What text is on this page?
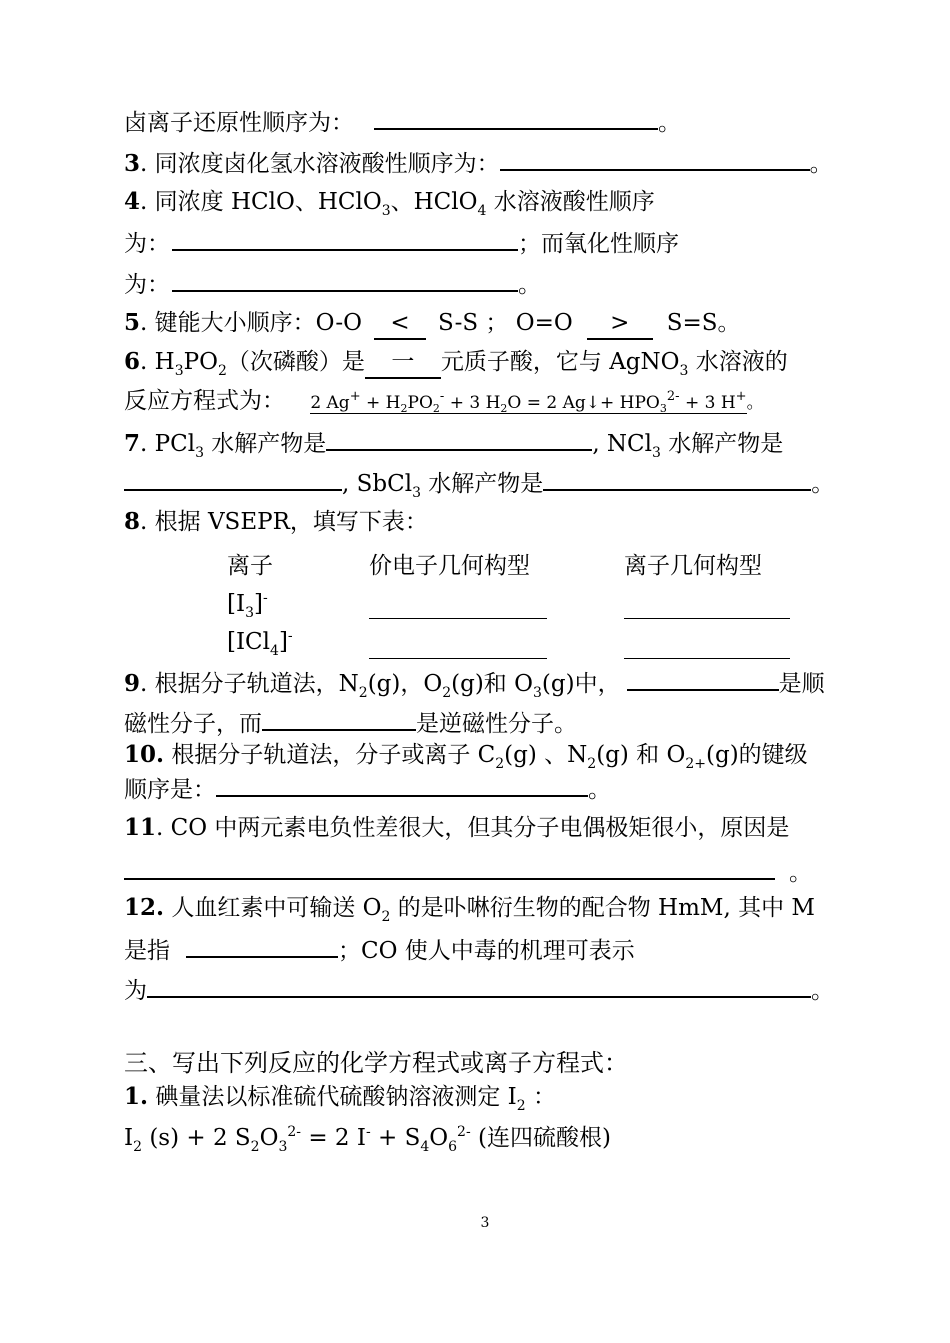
卤离子还原性顺序为：	。
3. 同浓度卤化氢水溶液酸性顺序为：	。
4. 同浓度 HClO、HClO$_3$、HClO$_4$ 水溶液酸性顺序
为：	；而氧化性顺序
为：	。
5. 键能大小顺序：O-O < S-S ； O=O > S=S。
6. $H_3PO_2$（次磷酸）是 一 元质子酸，它与 AgNO$_3$ 水溶液的
反应方程式为： 2 $Ag^+ + H_2PO_2^- + 3$ $H_2O = 2$ Ag↓+ $HPO_3^{2-} + 3$ H+。
7. PCl$_3$ 水解产物是	, NCl$_3$ 水解产物是
, SbCl$_3$ 水解产物是	。
8. 根据 VSEPR，填写下表：
离子	价电子几何构型	离子几何构型
$[I_3]^-$
[ICl$_4$]-
9. 根据分子轨道法，$N_2(g)$，$O_2(g)$和 $O_3(g)$中，	是顺
磁性分子，而	是逆磁性分子。
10. 根据分子轨道法，分子或离子 $C_2(g)$ 、$N_2(g)$ 和 $O_{2+}(g)$的键级
顺序是：	。
11. CO 中两元素电负性差很大，但其分子电偶极矩很小，原因是
。
12. 人血红素中可输送 $O_2$ 的是卟啉衍生物的配合物 HmM, 其中 M
是指	；CO 使人中毒的机理可表示
为	。
三、写出下列反应的化学方程式或离子方程式：
1. 碘量法以标准硫代硫酸钠溶液测定 $I_2$ ：
$I_2$ (s) + 2 $S_2O_3^{2-} = 2$ $I^- + S_4O_6^{2-}$ (连四硫酸根)
3
